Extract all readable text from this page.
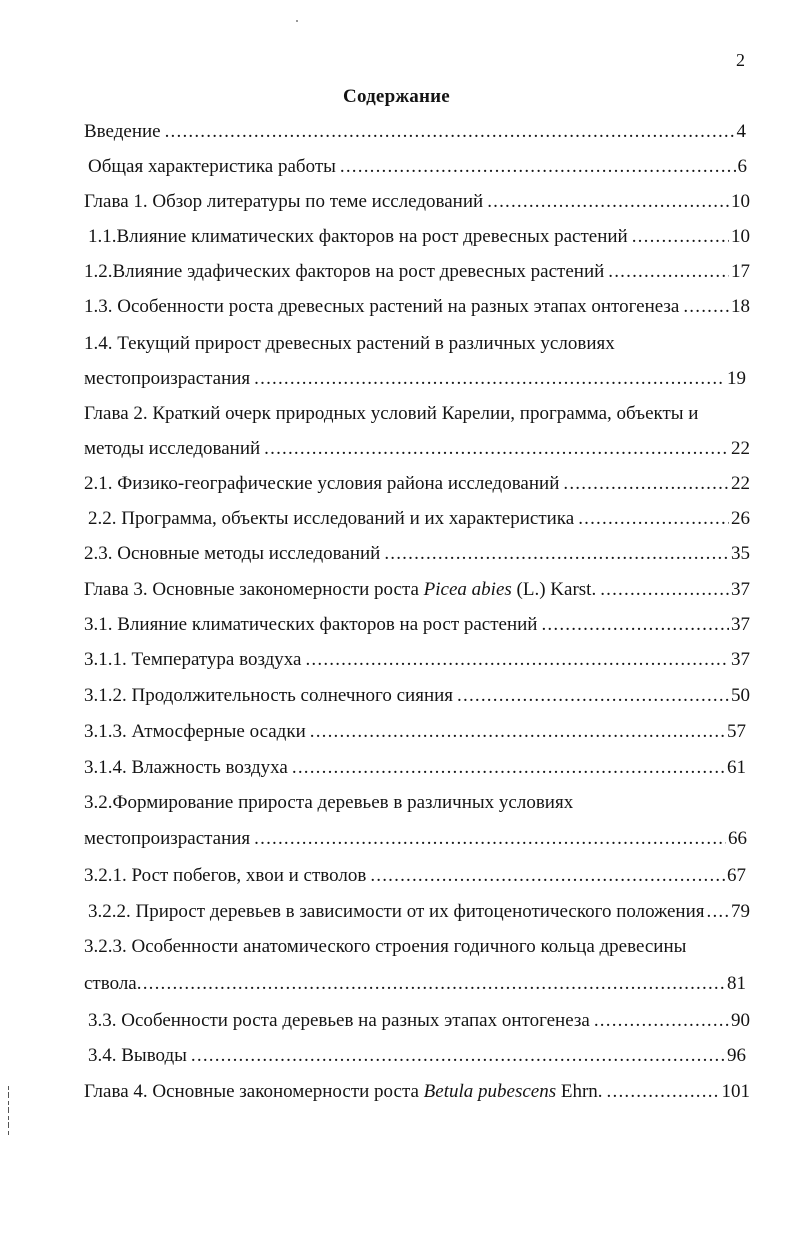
2
Содержание
Введение .....	4
Общая характеристика работы .....	6
Глава 1. Обзор литературы по теме исследований .....	10
1.1.Влияние климатических факторов на рост древесных растений .....	10
1.2.Влияние эдафических факторов на рост древесных растений .....	17
1.3. Особенности роста древесных растений на разных этапах онтогенеза .....	18
1.4. Текущий прирост древесных растений в различных условиях
местопроизрастания .....	19
Глава 2. Краткий очерк природных условий Карелии, программа, объекты и
методы исследований .....	22
2.1. Физико-географические условия района исследований .....	22
2.2. Программа, объекты исследований и их характеристика .....	26
2.3. Основные методы исследований .....	35
Глава 3. Основные закономерности роста Picea abies (L.) Karst. .....	37
3.1. Влияние климатических факторов на рост растений .....	37
3.1.1. Температура воздуха .....	37
3.1.2. Продолжительность солнечного сияния .....	50
3.1.3. Атмосферные осадки .....	57
3.1.4. Влажность воздуха .....	61
3.2.Формирование прироста деревьев в различных условиях
местопроизрастания .....	66
3.2.1. Рост побегов, хвои и стволов .....	67
3.2.2. Прирост деревьев в зависимости от их фитоценотического положения ..... 79
3.2.3. Особенности анатомического строения годичного кольца древесины
ствола .....	81
3.3. Особенности роста деревьев на разных этапах онтогенеза .....	90
3.4. Выводы .....	96
Глава 4. Основные закономерности роста Betula pubescens Ehrn. .....	101
